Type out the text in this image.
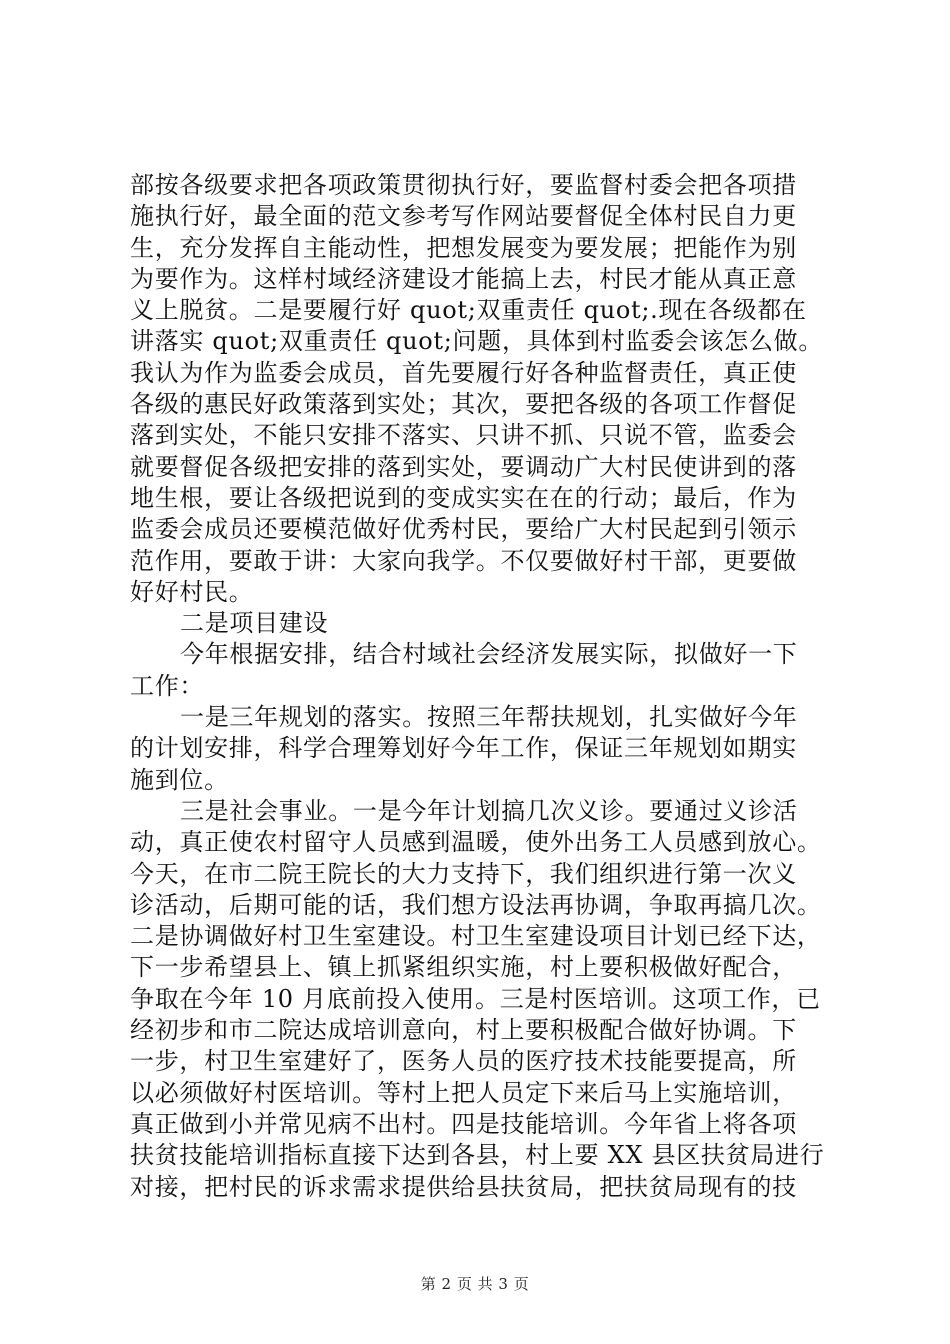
部按各级要求把各项政策贯彻执行好，要监督村委会把各项措
施执行好，最全面的范文参考写作网站要督促全体村民自力更
生，充分发挥自主能动性，把想发展变为要发展；把能作为别
为要作为。这样村域经济建设才能搞上去，村民才能从真正意
义上脱贫。二是要履行好 quot;双重责任 quot;.现在各级都在
讲落实 quot;双重责任 quot;问题，具体到村监委会该怎么做。
我认为作为监委会成员，首先要履行好各种监督责任，真正使
各级的惠民好政策落到实处；其次，要把各级的各项工作督促
落到实处，不能只安排不落实、只讲不抓、只说不管，监委会
就要督促各级把安排的落到实处，要调动广大村民使讲到的落
地生根，要让各级把说到的变成实实在在的行动；最后，作为
监委会成员还要模范做好优秀村民，要给广大村民起到引领示
范作用，要敢于讲：大家向我学。不仅要做好村干部，更要做
好好村民。
二是项目建设
今年根据安排，结合村域社会经济发展实际，拟做好一下
工作：
一是三年规划的落实。按照三年帮扶规划，扎实做好今年
的计划安排，科学合理筹划好今年工作，保证三年规划如期实
施到位。
三是社会事业。一是今年计划搞几次义诊。要通过义诊活
动，真正使农村留守人员感到温暖，使外出务工人员感到放心。
今天，在市二院王院长的大力支持下，我们组织进行第一次义
诊活动，后期可能的话，我们想方设法再协调，争取再搞几次。
二是协调做好村卫生室建设。村卫生室建设项目计划已经下达，
下一步希望县上、镇上抓紧组织实施，村上要积极做好配合，
争取在今年 10 月底前投入使用。三是村医培训。这项工作，已
经初步和市二院达成培训意向，村上要积极配合做好协调。下
一步，村卫生室建好了，医务人员的医疗技术技能要提高，所
以必须做好村医培训。等村上把人员定下来后马上实施培训，
真正做到小并常见病不出村。四是技能培训。今年省上将各项
扶贫技能培训指标直接下达到各县，村上要 XX 县区扶贫局进行
对接，把村民的诉求需求提供给县扶贫局，把扶贫局现有的技
第 2 页 共 3 页
